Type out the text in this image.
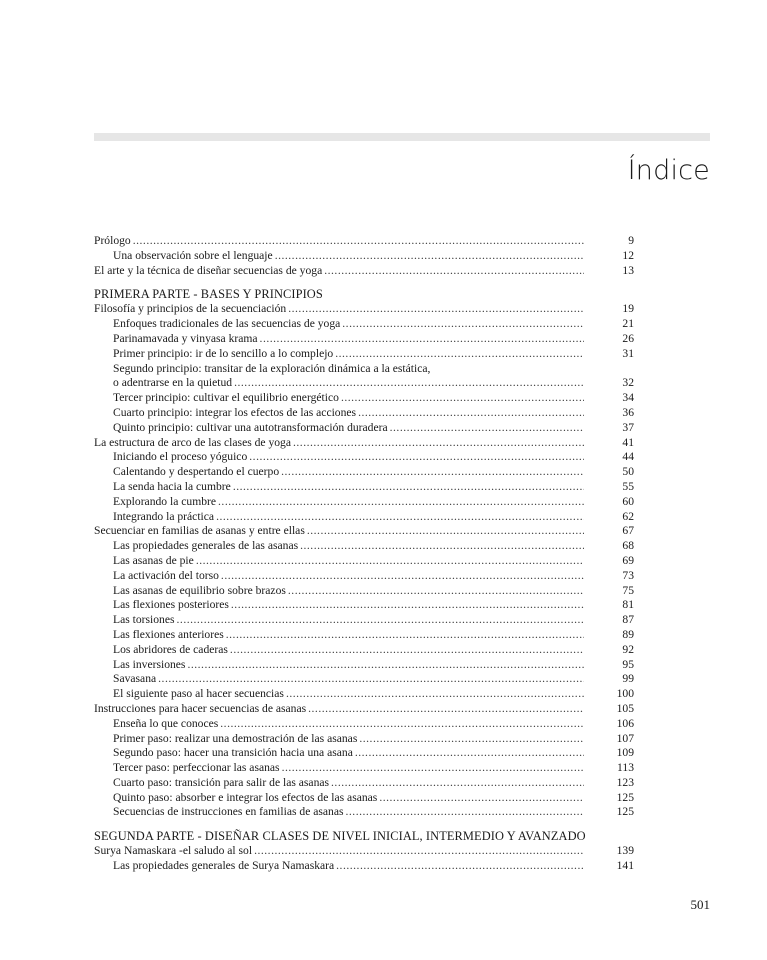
Índice
Prólogo .....	9
Una observación sobre el lenguaje .....	12
El arte y la técnica de diseñar secuencias de yoga .....	13
PRIMERA PARTE - BASES Y PRINCIPIOS
Filosofía y principios de la secuenciación .....	19
Enfoques tradicionales de las secuencias de yoga .....	21
Parinamavada y vinyasa krama .....	26
Primer principio: ir de lo sencillo a lo complejo .....	31
Segundo principio: transitar de la exploración dinámica a la estática,
o adentrarse en la quietud .....	32
Tercer principio: cultivar el equilibrio energético .....	34
Cuarto principio: integrar los efectos de las acciones .....	36
Quinto principio: cultivar una autotransformación duradera .....	37
La estructura de arco de las clases de yoga .....	41
Iniciando el proceso yóguico .....	44
Calentando y despertando el cuerpo .....	50
La senda hacia la cumbre .....	55
Explorando la cumbre .....	60
Integrando la práctica .....	62
Secuenciar en familias de asanas y entre ellas .....	67
Las propiedades generales de las asanas .....	68
Las asanas de pie .....	69
La activación del torso .....	73
Las asanas de equilibrio sobre brazos .....	75
Las flexiones posteriores .....	81
Las torsiones .....	87
Las flexiones anteriores .....	89
Los abridores de caderas .....	92
Las inversiones .....	95
Savasana .....	99
El siguiente paso al hacer secuencias .....	100
Instrucciones para hacer secuencias de asanas .....	105
Enseña lo que conoces .....	106
Primer paso: realizar una demostración de las asanas .....	107
Segundo paso: hacer una transición hacia una asana .....	109
Tercer paso: perfeccionar las asanas .....	113
Cuarto paso: transición para salir de las asanas .....	123
Quinto paso: absorber e integrar los efectos de las asanas .....	125
Secuencias de instrucciones en familias de asanas .....	125
SEGUNDA PARTE - DISEÑAR CLASES DE NIVEL INICIAL, INTERMEDIO Y AVANZADO
Surya Namaskara -el saludo al sol .....	139
Las propiedades generales de Surya Namaskara .....	141
501
